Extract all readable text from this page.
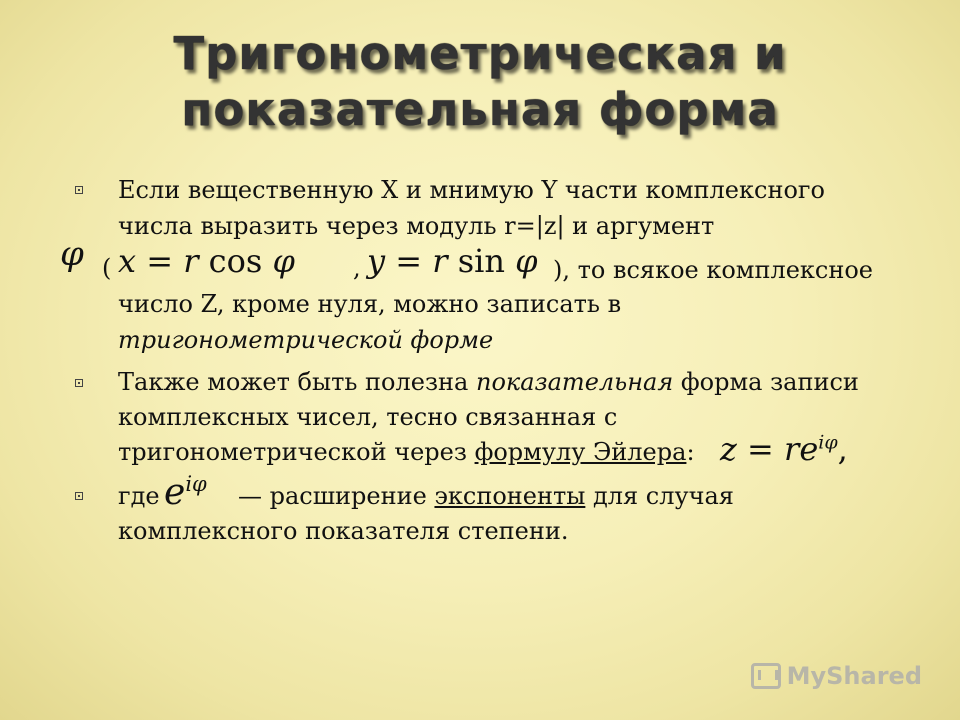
Тригонометрическая и
показательная форма
Если вещественную X и мнимую Y части комплексного
числа выразить через модуль r=|z| и аргумент
φ ( x = r cos φ , y = r sin φ ), то всякое комплексное
число Z, кроме нуля, можно записать в
тригонометрической форме
Также может быть полезна показательная форма записи
комплексных чисел, тесно связанная с
тригонометрической через формулу Эйлера: $z = re^{i\varphi}$,
где $e^{i\varphi}$ — расширение экспоненты для случая
комплексного показателя степени.
MyShared
